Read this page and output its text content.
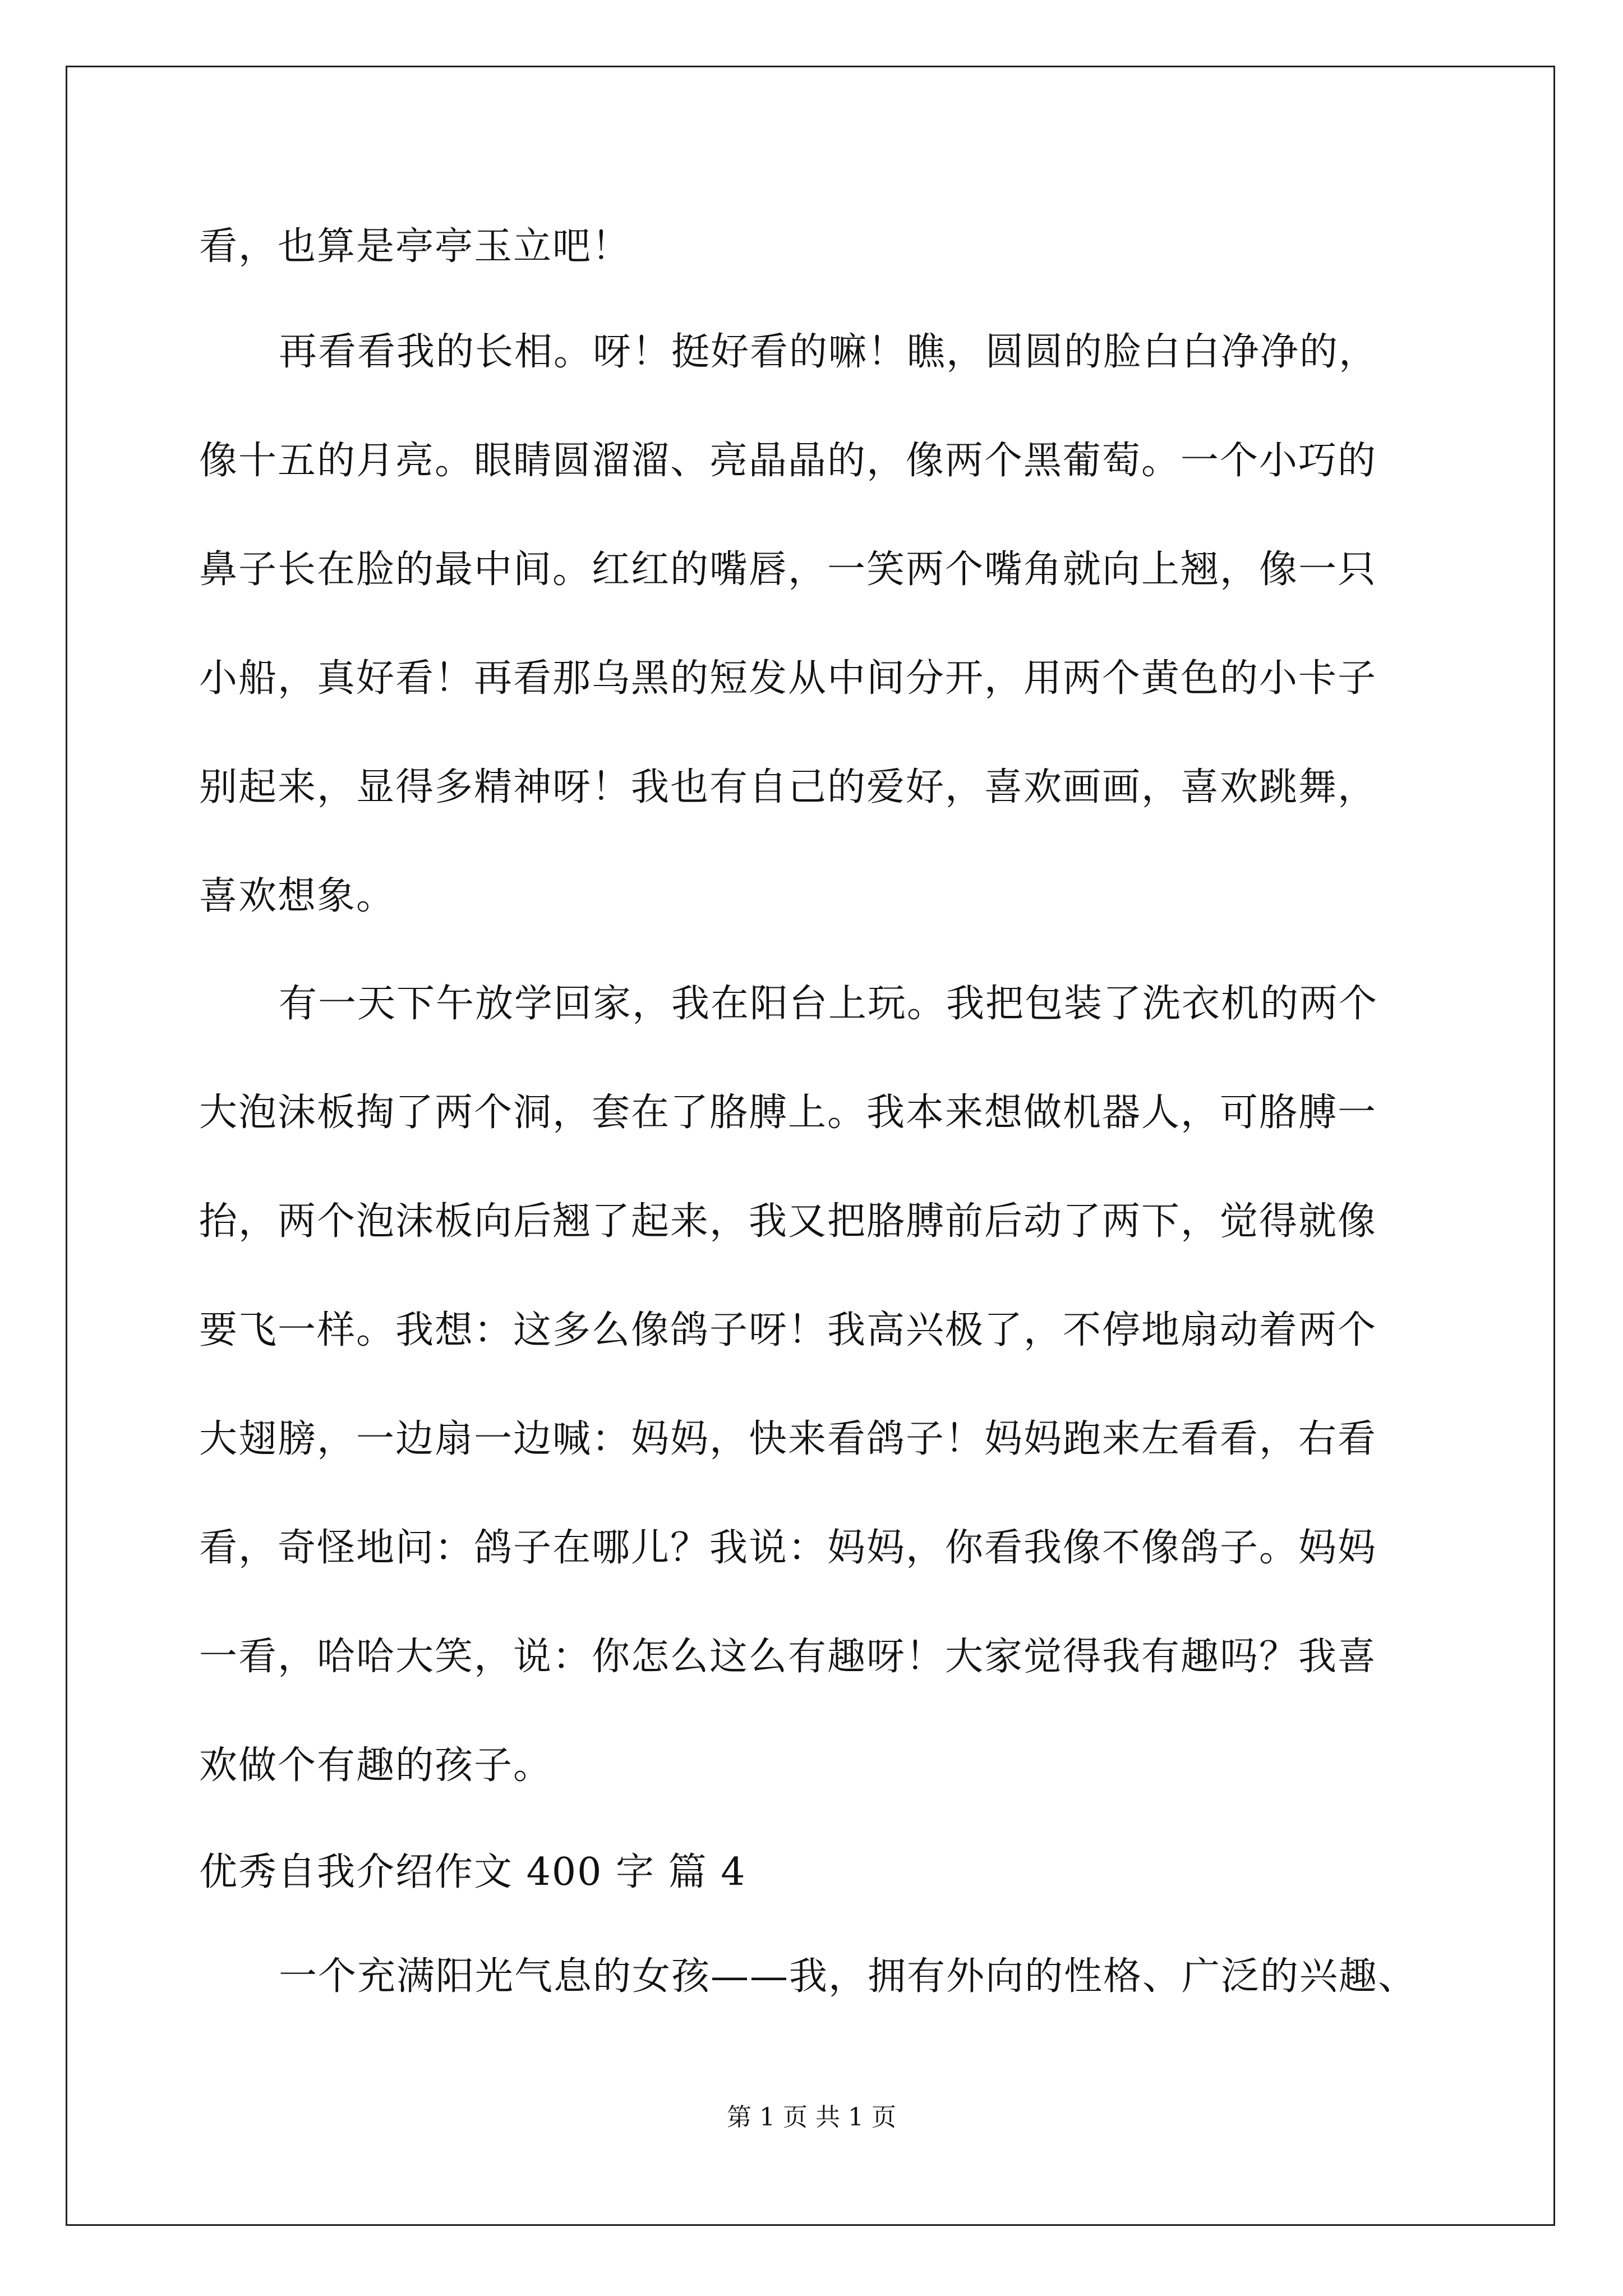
看，也算是亭亭玉立吧！
再看看我的长相。呀！挺好看的嘛！瞧，圆圆的脸白白净净的，
像十五的月亮。眼睛圆溜溜、亮晶晶的，像两个黑葡萄。一个小巧的
鼻子长在脸的最中间。红红的嘴唇，一笑两个嘴角就向上翘，像一只
小船，真好看！再看那乌黑的短发从中间分开，用两个黄色的小卡子
别起来，显得多精神呀！我也有自己的爱好，喜欢画画，喜欢跳舞，
喜欢想象。
有一天下午放学回家，我在阳台上玩。我把包装了洗衣机的两个
大泡沫板掏了两个洞，套在了胳膊上。我本来想做机器人，可胳膊一
抬，两个泡沫板向后翘了起来，我又把胳膊前后动了两下，觉得就像
要飞一样。我想：这多么像鸽子呀！我高兴极了，不停地扇动着两个
大翅膀，一边扇一边喊：妈妈，快来看鸽子！妈妈跑来左看看，右看
看，奇怪地问：鸽子在哪儿？我说：妈妈，你看我像不像鸽子。妈妈
一看，哈哈大笑，说：你怎么这么有趣呀！大家觉得我有趣吗？我喜
欢做个有趣的孩子。
优秀自我介绍作文 400 字 篇 4
一个充满阳光气息的女孩——我，拥有外向的性格、广泛的兴趣、
第 1 页 共 1 页
